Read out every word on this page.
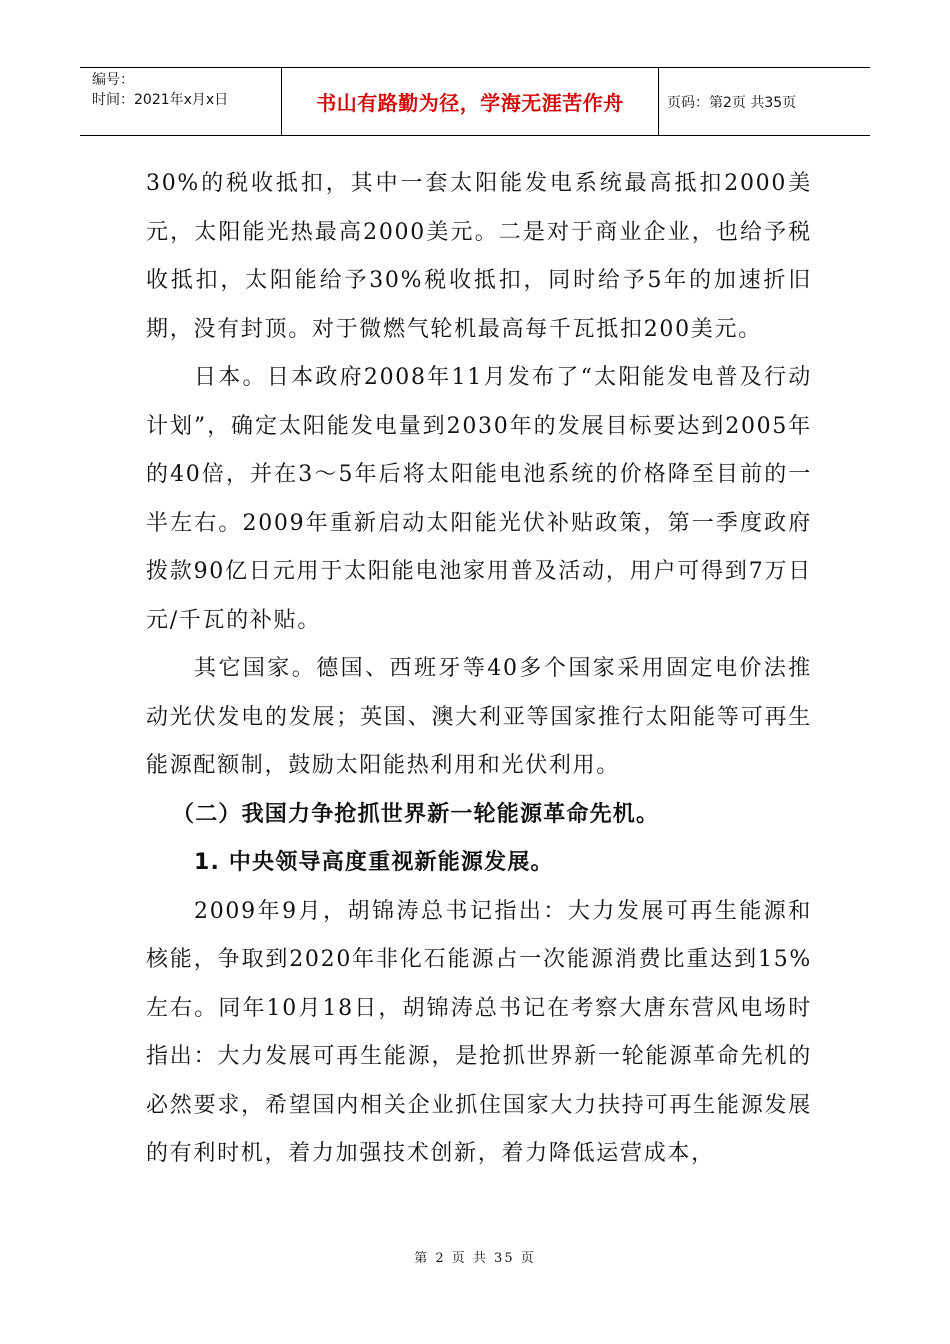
编号：
时间：2021年x月x日	书山有路勤为径，学海无涯苦作舟	页码：第2页 共35页

30%的税收抵扣，其中一套太阳能发电系统最高抵扣2000美元，太阳能光热最高2000美元。二是对于商业企业，也给予税收抵扣，太阳能给予30%税收抵扣，同时给予5年的加速折旧期，没有封顶。对于微燃气轮机最高每千瓦抵扣200美元。

日本。日本政府2008年11月发布了“太阳能发电普及行动计划”，确定太阳能发电量到2030年的发展目标要达到2005年的40倍，并在3～5年后将太阳能电池系统的价格降至目前的一半左右。2009年重新启动太阳能光伏补贴政策，第一季度政府拨款90亿日元用于太阳能电池家用普及活动，用户可得到7万日元/千瓦的补贴。

其它国家。德国、西班牙等40多个国家采用固定电价法推动光伏发电的发展；英国、澳大利亚等国家推行太阳能等可再生能源配额制，鼓励太阳能热利用和光伏利用。

（二）我国力争抢抓世界新一轮能源革命先机。

1. 中央领导高度重视新能源发展。

2009年9月，胡锦涛总书记指出：大力发展可再生能源和核能，争取到2020年非化石能源占一次能源消费比重达到15%左右。同年10月18日，胡锦涛总书记在考察大唐东营风电场时指出：大力发展可再生能源，是抢抓世界新一轮能源革命先机的必然要求，希望国内相关企业抓住国家大力扶持可再生能源发展的有利时机，着力加强技术创新，着力降低运营成本，

第 2 页 共 35 页
